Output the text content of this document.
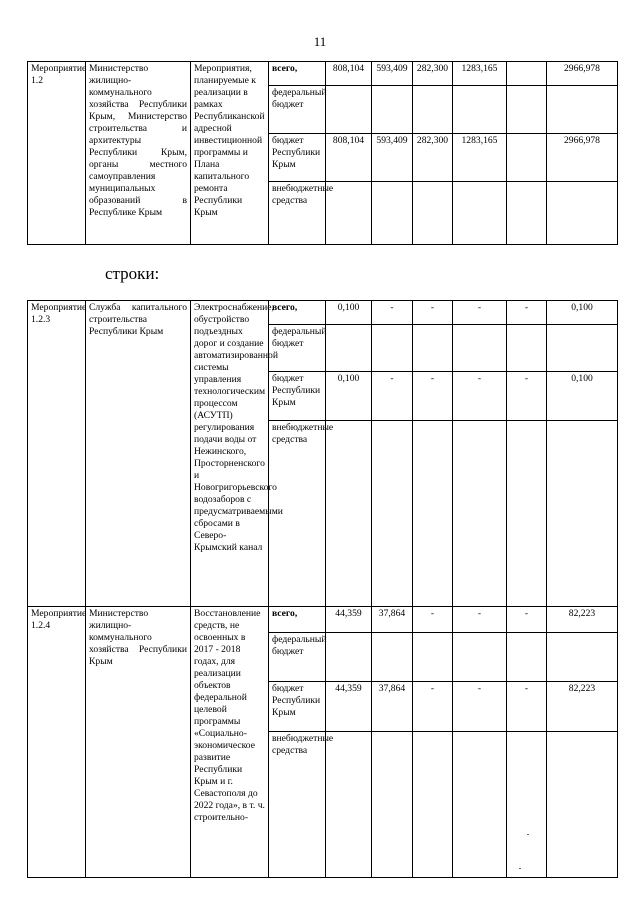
11
Мероприятие 1.2	Министерство жилищно-коммунального хозяйства Республики Крым, Министерство строительства и архитектуры Республики Крым, органы местного самоуправления муниципальных образований в Республике Крым	Мероприятия, планируемые к реализации в рамках Республиканской адресной инвестиционной программы и Плана капитального ремонта Республики Крым	всего,	808,104	593,409	282,300	1283,165		2966,978
			федеральный бюджет						
			бюджет Республики Крым	808,104	593,409	282,300	1283,165		2966,978
			внебюджетные средства						
строки:
Мероприятие 1.2.3	Служба капитального строительства Республики Крым	Электроснабжение, обустройство подъездных дорог и создание автоматизированной системы управления технологическим процессом (АСУТП) регулирования подачи воды от Нежинского, Просторненского и Новогригорьевского водозаборов с предусматриваемыми сбросами в Северо-Крымский канал	всего,	0,100	-	-	-	-	0,100
			федеральный бюджет						
			бюджет Республики Крым	0,100	-	-	-	-	0,100
			внебюджетные средства						
Мероприятие 1.2.4	Министерство жилищно-коммунального хозяйства Республики Крым	Восстановление средств, не освоенных в 2017 - 2018 годах, для реализации объектов федеральной целевой программы «Социально-экономическое развитие Республики Крым и г. Севастополя до 2022 года», в т. ч. строительно-	всего,	44,359	37,864	-	-	-	82,223
			федеральный бюджет						
			бюджет Республики Крым	44,359	37,864	-	-	-	82,223
			внебюджетные средства						
